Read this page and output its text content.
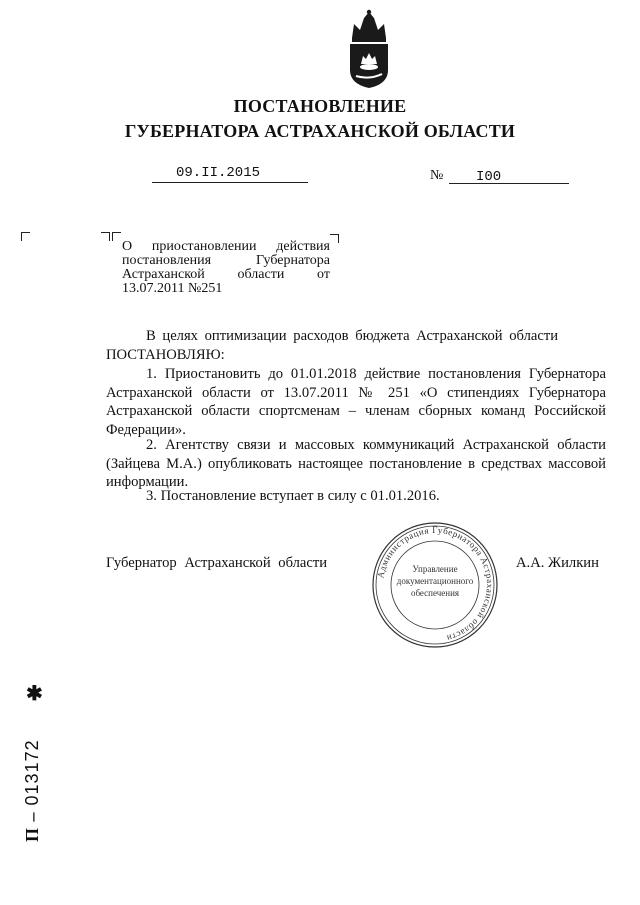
ПОСТАНОВЛЕНИЕ
ГУБЕРНАТОРА АСТРАХАНСКОЙ ОБЛАСТИ
09.II.2015	№ I00
О приостановлении действия
постановления	Губернатора
Астраханской области от
13.07.2011 №251
В целях оптимизации расходов бюджета Астраханской области
ПОСТАНОВЛЯЮ:
1. Приостановить до 01.01.2018 действие постановления Губернатора Астраханской области от 13.07.2011 № 251 «О стипендиях Губернатора Астраханской области спортсменам – членам сборных команд Российской Федерации».
2. Агентству связи и массовых коммуникаций Астраханской области (Зайцева М.А.) опубликовать настоящее постановление в средствах массовой информации.
3. Постановление вступает в силу с 01.01.2016.
Губернатор Астраханской области	А.А. Жилкин
Администрация Губернатора Астраханской области
Управление
документационного
обеспечения
✱
П – 013172
